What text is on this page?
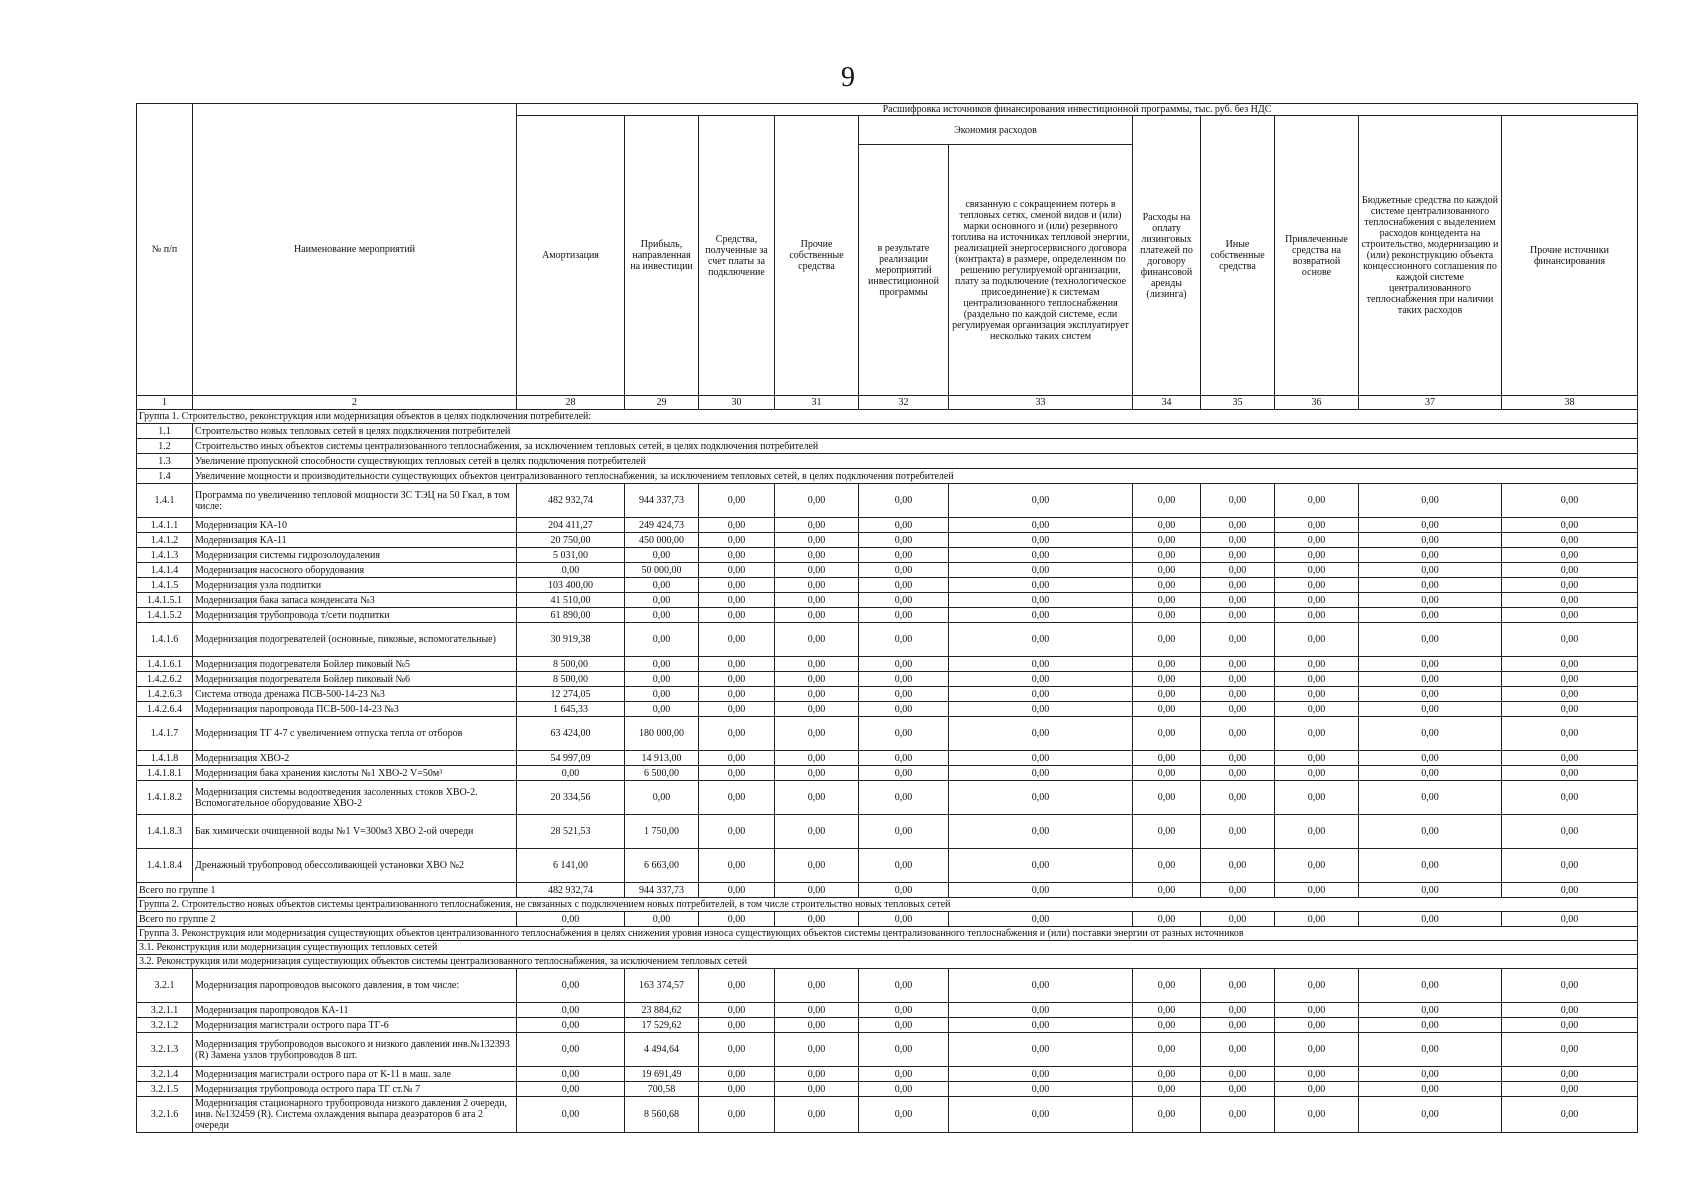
9
№ п/п	Наименование мероприятий	Расшифровка источников финансирования инвестиционной программы, тыс. руб. без НДС										
		Амортизация	Прибыль, направленная на инвестиции	Средства, полученные за счет платы за подключение	Прочие собственные средства	Экономия расходов		Расходы на оплату лизинговых платежей по договору финансовой аренды (лизинга)	Иные собственные средства	Привлеченные средства на возвратной основе	Бюджетные средства по каждой системе централизованного теплоснабжения с выделением расходов концедента на строительство, модернизацию и (или) реконструкцию объекта концессионного соглашения по каждой системе централизованного теплоснабжения при наличии таких расходов	Прочие источники финансирования
						в результате реализации мероприятий инвестиционной программы	связанную с сокращением потерь в тепловых сетях, сменой видов и (или) марки основного и (или) резервного топлива на источниках тепловой энергии, реализацией энергосервисного договора (контракта) в размере, определенном по решению регулируемой организации, плату за подключение (технологическое присоединение) к системам централизованного теплоснабжения (раздельно по каждой системе, если регулируемая организация эксплуатирует несколько таких систем					

1	2	28	29	30	31	32	33	34	35	36	37	38
Группа 1. Строительство, реконструкция или модернизация объектов в целях подключения потребителей:												
1.1	Строительство новых тепловых сетей в целях подключения потребителей											
1.2	Строительство иных объектов системы централизованного теплоснабжения, за исключением тепловых сетей, в целях подключения потребителей											
1.3	Увеличение пропускной способности существующих тепловых сетей в целях подключения потребителей											
1.4	Увеличение мощности и производительности существующих объектов централизованного теплоснабжения, за исключением тепловых сетей, в целях подключения потребителей											
1.4.1	Программа по увеличению тепловой мощности ЗС ТЭЦ на 50 Гкал, в том числе:	482 932,74	944 337,73	0,00	0,00	0,00	0,00	0,00	0,00	0,00	0,00	0,00
1.4.1.1	Модернизация КА-10	204 411,27	249 424,73	0,00	0,00	0,00	0,00	0,00	0,00	0,00	0,00	0,00
1.4.1.2	Модернизация КА-11	20 750,00	450 000,00	0,00	0,00	0,00	0,00	0,00	0,00	0,00	0,00	0,00
1.4.1.3	Модернизация системы гидрозолоудаления	5 031,00	0,00	0,00	0,00	0,00	0,00	0,00	0,00	0,00	0,00	0,00
1.4.1.4	Модернизация насосного оборудования	0,00	50 000,00	0,00	0,00	0,00	0,00	0,00	0,00	0,00	0,00	0,00
1.4.1.5	Модернизация узла подпитки	103 400,00	0,00	0,00	0,00	0,00	0,00	0,00	0,00	0,00	0,00	0,00
1.4.1.5.1	Модернизация бака запаса конденсата №3	41 510,00	0,00	0,00	0,00	0,00	0,00	0,00	0,00	0,00	0,00	0,00
1.4.1.5.2	Модернизация трубопровода т/сети подпитки	61 890,00	0,00	0,00	0,00	0,00	0,00	0,00	0,00	0,00	0,00	0,00
1.4.1.6	Модернизация подогревателей (основные, пиковые, вспомогательные)	30 919,38	0,00	0,00	0,00	0,00	0,00	0,00	0,00	0,00	0,00	0,00
1.4.1.6.1	Модернизация подогревателя Бойлер пиковый №5	8 500,00	0,00	0,00	0,00	0,00	0,00	0,00	0,00	0,00	0,00	0,00
1.4.2.6.2	Модернизация подогревателя Бойлер пиковый №6	8 500,00	0,00	0,00	0,00	0,00	0,00	0,00	0,00	0,00	0,00	0,00
1.4.2.6.3	Система отвода дренажа ПСВ-500-14-23 №3	12 274,05	0,00	0,00	0,00	0,00	0,00	0,00	0,00	0,00	0,00	0,00
1.4.2.6.4	Модернизация паропровода ПСВ-500-14-23 №3	1 645,33	0,00	0,00	0,00	0,00	0,00	0,00	0,00	0,00	0,00	0,00
1.4.1.7	Модернизация ТГ 4-7 с увеличением отпуска тепла от отборов	63 424,00	180 000,00	0,00	0,00	0,00	0,00	0,00	0,00	0,00	0,00	0,00
1.4.1.8	Модернизация ХВО-2	54 997,09	14 913,00	0,00	0,00	0,00	0,00	0,00	0,00	0,00	0,00	0,00
1.4.1.8.1	Модернизация бака хранения кислоты №1 ХВО-2 V=50м³	0,00	6 500,00	0,00	0,00	0,00	0,00	0,00	0,00	0,00	0,00	0,00
1.4.1.8.2	Модернизация системы водоотведения засоленных стоков ХВО-2. Вспомогательное оборудование ХВО-2	20 334,56	0,00	0,00	0,00	0,00	0,00	0,00	0,00	0,00	0,00	0,00
1.4.1.8.3	Бак химически очищенной воды №1 V=300м3 ХВО 2-ой очереди	28 521,53	1 750,00	0,00	0,00	0,00	0,00	0,00	0,00	0,00	0,00	0,00
1.4.1.8.4	Дренажный трубопровод обессоливающей установки ХВО №2	6 141,00	6 663,00	0,00	0,00	0,00	0,00	0,00	0,00	0,00	0,00	0,00
Всего по группе 1		482 932,74	944 337,73	0,00	0,00	0,00	0,00	0,00	0,00	0,00	0,00	0,00
Группа 2. Строительство новых объектов системы централизованного теплоснабжения, не связанных с подключением новых потребителей, в том числе строительство новых тепловых сетей												
Всего по группе 2		0,00	0,00	0,00	0,00	0,00	0,00	0,00	0,00	0,00	0,00	0,00
Группа 3. Реконструкция или модернизация существующих объектов централизованного теплоснабжения в целях снижения уровня износа существующих объектов системы централизованного теплоснабжения и (или) поставки энергии от разных источников												
3.1. Реконструкция или модернизация существующих тепловых сетей												
3.2. Реконструкция или модернизация существующих объектов системы централизованного теплоснабжения, за исключением тепловых сетей												
3.2.1	Модернизация паропроводов высокого давления, в том числе:	0,00	163 374,57	0,00	0,00	0,00	0,00	0,00	0,00	0,00	0,00	0,00
3.2.1.1	Модернизация паропроводов КА-11	0,00	23 884,62	0,00	0,00	0,00	0,00	0,00	0,00	0,00	0,00	0,00
3.2.1.2	Модернизация магистрали острого пара ТГ-6	0,00	17 529,62	0,00	0,00	0,00	0,00	0,00	0,00	0,00	0,00	0,00
3.2.1.3	Модернизация трубопроводов высокого и низкого давления инв.№132393 (R) Замена узлов трубопроводов 8 шт.	0,00	4 494,64	0,00	0,00	0,00	0,00	0,00	0,00	0,00	0,00	0,00
3.2.1.4	Модернизация магистрали острого пара от К-11 в маш. зале	0,00	19 691,49	0,00	0,00	0,00	0,00	0,00	0,00	0,00	0,00	0,00
3.2.1.5	Модернизация трубопровода острого пара ТГ ст.№ 7	0,00	700,58	0,00	0,00	0,00	0,00	0,00	0,00	0,00	0,00	0,00
3.2.1.6	Модернизация стационарного трубопровода низкого давления 2 очереди, инв. №132459 (R). Система охлаждения выпара деаэраторов 6 ата 2 очереди	0,00	8 560,68	0,00	0,00	0,00	0,00	0,00	0,00	0,00	0,00	0,00
